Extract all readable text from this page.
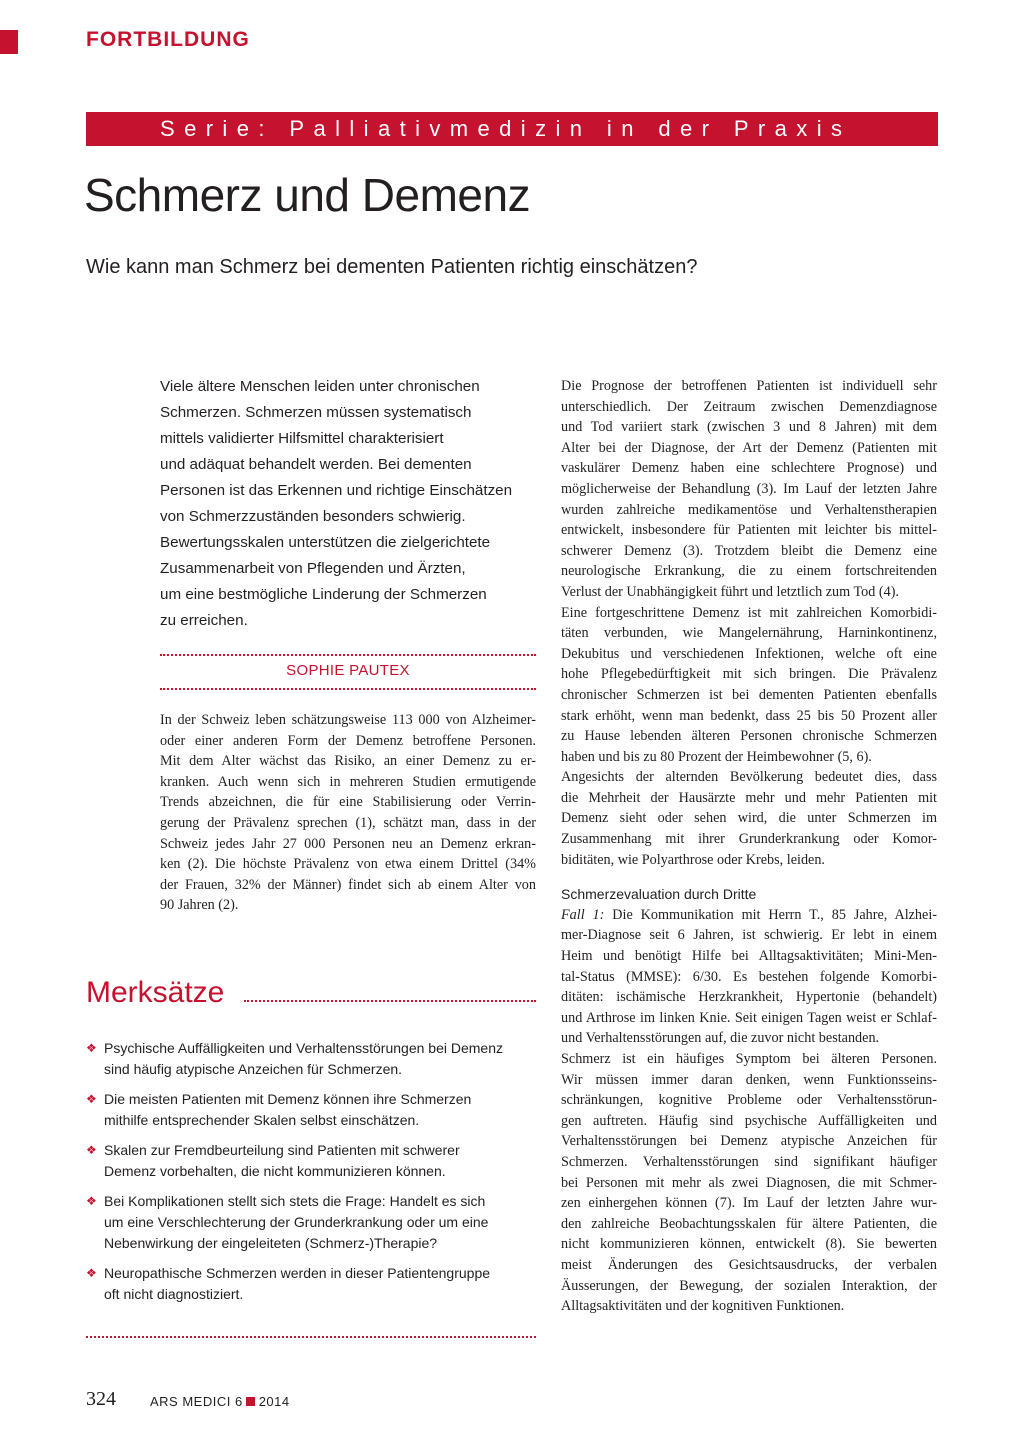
FORTBILDUNG
Serie: Palliativmedizin in der Praxis
Schmerz und Demenz
Wie kann man Schmerz bei dementen Patienten richtig einschätzen?
Viele ältere Menschen leiden unter chronischen
Schmerzen. Schmerzen müssen systematisch
mittels validierter Hilfsmittel charakterisiert
und adäquat behandelt werden. Bei dementen
Personen ist das Erkennen und richtige Einschätzen
von Schmerzzuständen besonders schwierig.
Bewertungsskalen unterstützen die zielgerichtete
Zusammenarbeit von Pflegenden und Ärzten,
um eine bestmögliche Linderung der Schmerzen
zu erreichen.
SOPHIE PAUTEX
In der Schweiz leben schätzungsweise 113 000 von Alzheimer-
oder einer anderen Form der Demenz betroffene Personen.
Mit dem Alter wächst das Risiko, an einer Demenz zu er-
kranken. Auch wenn sich in mehreren Studien ermutigende
Trends abzeichnen, die für eine Stabilisierung oder Verrin-
gerung der Prävalenz sprechen (1), schätzt man, dass in der
Schweiz jedes Jahr 27 000 Personen neu an Demenz erkran-
ken (2). Die höchste Prävalenz von etwa einem Drittel (34%
der Frauen, 32% der Männer) findet sich ab einem Alter von
90 Jahren (2).
Merksätze
❖ Psychische Auffälligkeiten und Verhaltensstörungen bei Demenz
sind häufig atypische Anzeichen für Schmerzen.
❖ Die meisten Patienten mit Demenz können ihre Schmerzen
mithilfe entsprechender Skalen selbst einschätzen.
❖ Skalen zur Fremdbeurteilung sind Patienten mit schwerer
Demenz vorbehalten, die nicht kommunizieren können.
❖ Bei Komplikationen stellt sich stets die Frage: Handelt es sich
um eine Verschlechterung der Grunderkrankung oder um eine
Nebenwirkung der eingeleiteten (Schmerz-)Therapie?
❖ Neuropathische Schmerzen werden in dieser Patientengruppe
oft nicht diagnostiziert.
Die Prognose der betroffenen Patienten ist individuell sehr
unterschiedlich. Der Zeitraum zwischen Demenzdiagnose
und Tod variiert stark (zwischen 3 und 8 Jahren) mit dem
Alter bei der Diagnose, der Art der Demenz (Patienten mit
vaskulärer Demenz haben eine schlechtere Prognose) und
möglicherweise der Behandlung (3). Im Lauf der letzten Jahre
wurden zahlreiche medikamentöse und Verhaltenstherapien
entwickelt, insbesondere für Patienten mit leichter bis mittel-
schwerer Demenz (3). Trotzdem bleibt die Demenz eine
neurologische Erkrankung, die zu einem fortschreitenden
Verlust der Unabhängigkeit führt und letztlich zum Tod (4).
Eine fortgeschrittene Demenz ist mit zahlreichen Komorbidi-
täten verbunden, wie Mangelernährung, Harninkontinenz,
Dekubitus und verschiedenen Infektionen, welche oft eine
hohe Pflegebedürftigkeit mit sich bringen. Die Prävalenz
chronischer Schmerzen ist bei dementen Patienten ebenfalls
stark erhöht, wenn man bedenkt, dass 25 bis 50 Prozent aller
zu Hause lebenden älteren Personen chronische Schmerzen
haben und bis zu 80 Prozent der Heimbewohner (5, 6).
Angesichts der alternden Bevölkerung bedeutet dies, dass
die Mehrheit der Hausärzte mehr und mehr Patienten mit
Demenz sieht oder sehen wird, die unter Schmerzen im
Zusammenhang mit ihrer Grunderkrankung oder Komor-
biditäten, wie Polyarthrose oder Krebs, leiden.
Schmerzevaluation durch Dritte
Fall 1: Die Kommunikation mit Herrn T., 85 Jahre, Alzhei-
mer-Diagnose seit 6 Jahren, ist schwierig. Er lebt in einem
Heim und benötigt Hilfe bei Alltagsaktivitäten; Mini-Men-
tal-Status (MMSE): 6/30. Es bestehen folgende Komorbi-
ditäten: ischämische Herzkrankheit, Hypertonie (behandelt)
und Arthrose im linken Knie. Seit einigen Tagen weist er Schlaf-
und Verhaltensstörungen auf, die zuvor nicht bestanden.
Schmerz ist ein häufiges Symptom bei älteren Personen.
Wir müssen immer daran denken, wenn Funktionsseins-
schränkungen, kognitive Probleme oder Verhaltensstörun-
gen auftreten. Häufig sind psychische Auffälligkeiten und
Verhaltensstörungen bei Demenz atypische Anzeichen für
Schmerzen. Verhaltensstörungen sind signifikant häufiger
bei Personen mit mehr als zwei Diagnosen, die mit Schmer-
zen einhergehen können (7). Im Lauf der letzten Jahre wur-
den zahlreiche Beobachtungsskalen für ältere Patienten, die
nicht kommunizieren können, entwickelt (8). Sie bewerten
meist Änderungen des Gesichtsausdrucks, der verbalen
Äusserungen, der Bewegung, der sozialen Interaktion, der
Alltagsaktivitäten und der kognitiven Funktionen.
324	ARS MEDICI 6 2014
